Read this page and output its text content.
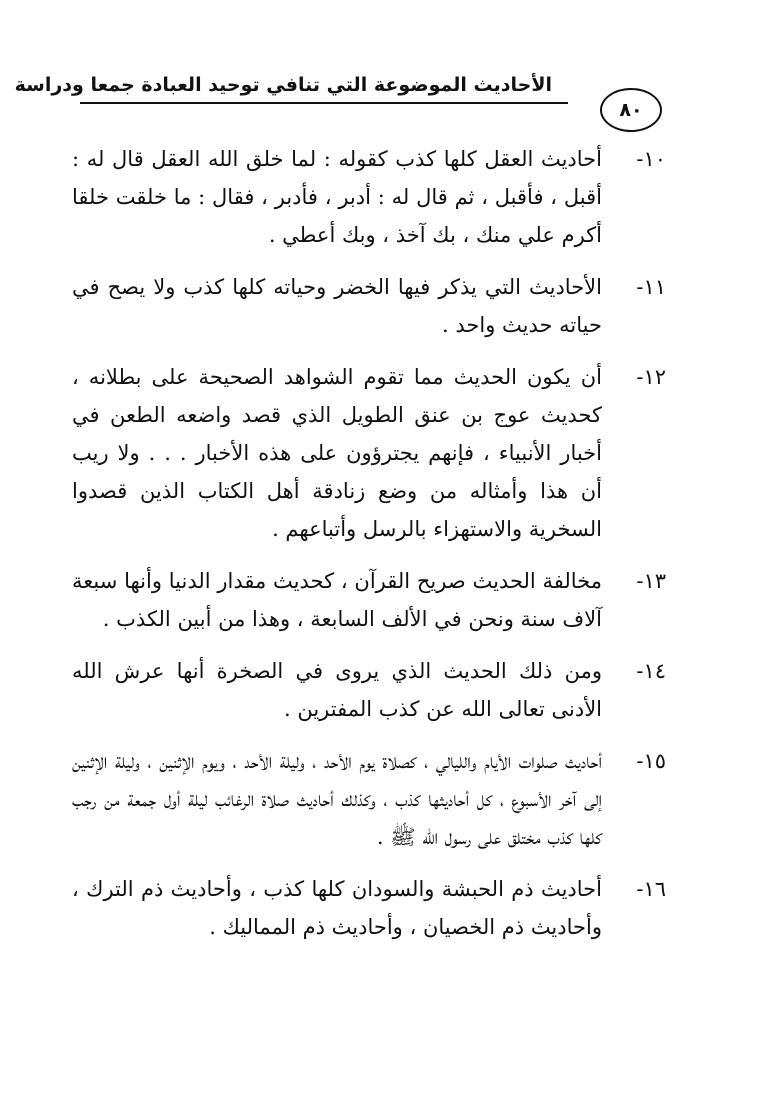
الأحاديث الموضوعة التي تنافي توحيد العبادة جمعا ودراسة
٨٠
١٠-
أحاديث العقل كلها كذب كقوله : لما خلق الله العقل قال له : أقبل ، فأقبل ، ثم قال له : أدبر ، فأدبر ، فقال : ما خلقت خلقا أكرم علي منك ، بك آخذ ، وبك أعطي .
١١-
الأحاديث التي يذكر فيها الخضر وحياته كلها كذب ولا يصح في حياته حديث واحد .
١٢-
أن يكون الحديث مما تقوم الشواهد الصحيحة على بطلانه ، كحديث عوج بن عنق الطويل الذي قصد واضعه الطعن في أخبار الأنبياء ، فإنهم يجترؤون على هذه الأخبار . . . ولا ريب أن هذا وأمثاله من وضع زنادقة أهل الكتاب الذين قصدوا السخرية والاستهزاء بالرسل وأتباعهم .
١٣-
مخالفة الحديث صريح القرآن ، كحديث مقدار الدنيا وأنها سبعة آلاف سنة ونحن في الألف السابعة ، وهذا من أبين الكذب .
١٤-
ومن ذلك الحديث الذي يروى في الصخرة أنها عرش الله الأدنى تعالى الله عن كذب المفترين .
١٥-
أحاديث صلوات الأيام والليالي ، كصلاة يوم الأحد ، وليلة الأحد ، ويوم الإثنين ، وليلة الإثنين إلى آخر الأسبوع ، كل أحاديثها كذب ، وكذلك أحاديث صلاة الرغائب ليلة أول جمعة من رجب كلها كذب مختلق على رسول الله ﷺ .
١٦-
أحاديث ذم الحبشة والسودان كلها كذب ، وأحاديث ذم الترك ، وأحاديث ذم الخصيان ، وأحاديث ذم المماليك .
